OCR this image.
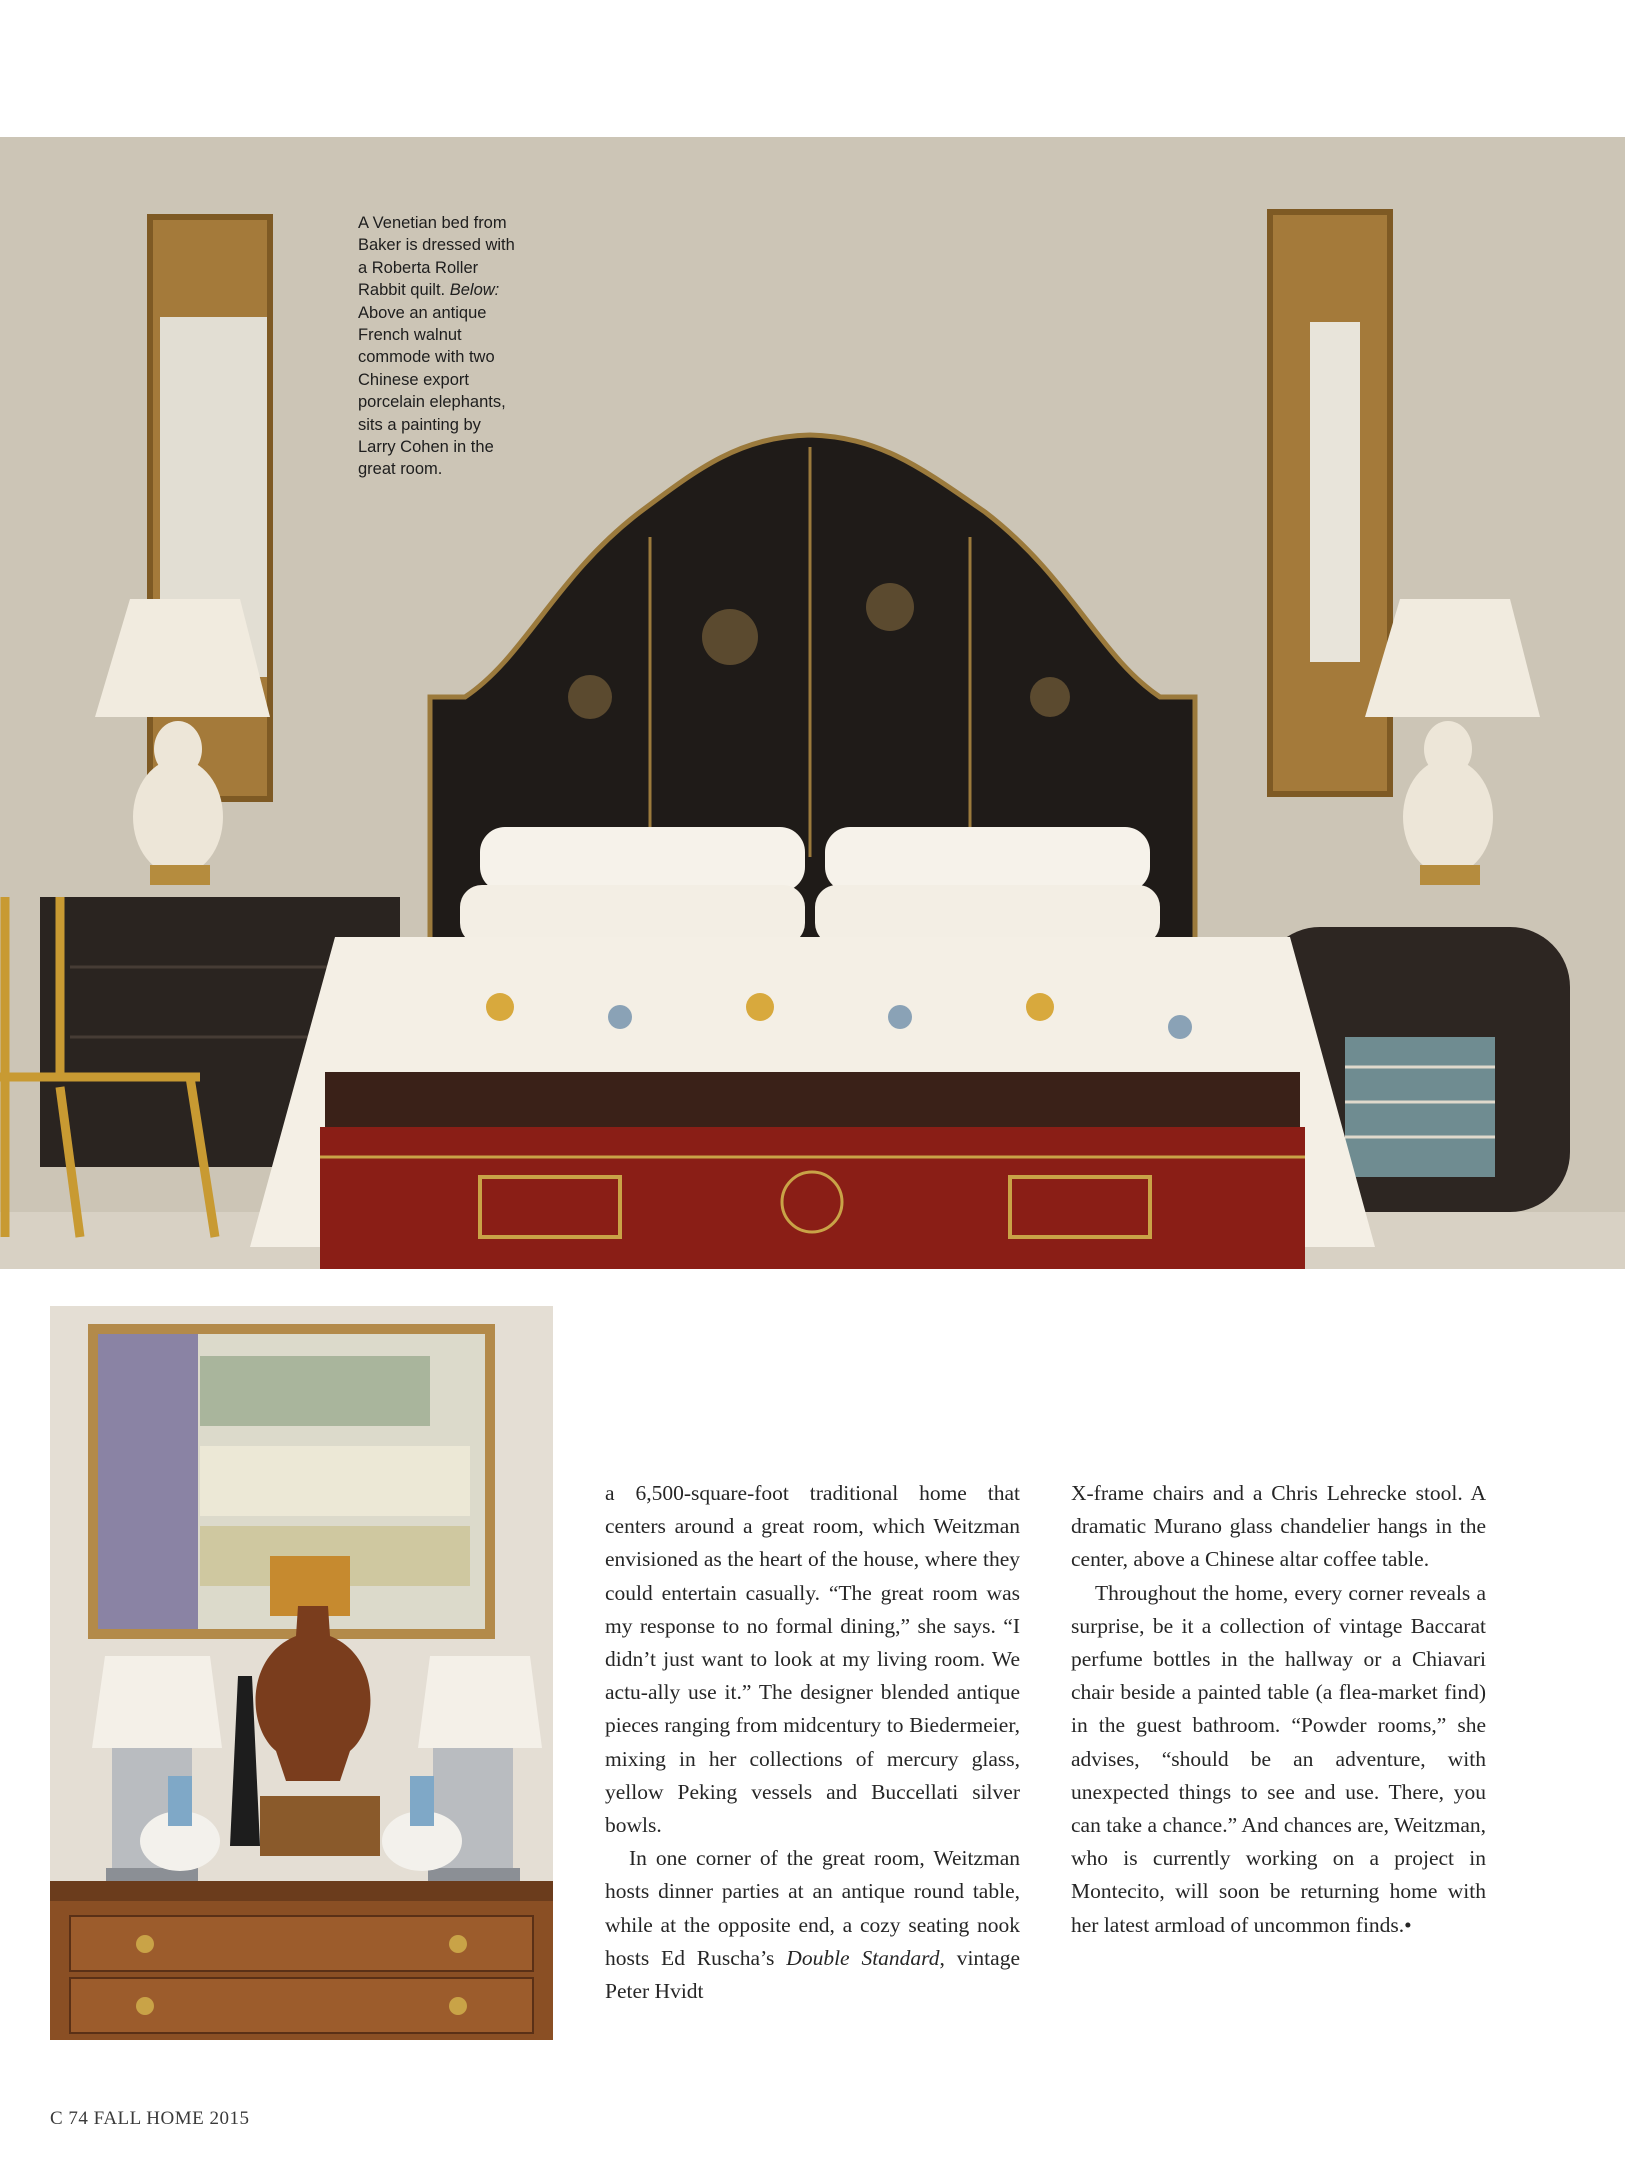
A Venetian bed from Baker is dressed with a Roberta Roller Rabbit quilt. Below: Above an antique French walnut commode with two Chinese export porcelain elephants, sits a painting by Larry Cohen in the great room.

a 6,500-square-foot traditional home that centers around a great room, which Weitzman envisioned as the heart of the house, where they could entertain casually. “The great room was my response to no formal dining,” she says. “I didn’t just want to look at my living room. We actu-ally use it.” The designer blended antique pieces ranging from midcentury to Biedermeier, mixing in her collections of mercury glass, yellow Peking vessels and Buccellati silver bowls.

In one corner of the great room, Weitzman hosts dinner parties at an antique round table, while at the opposite end, a cozy seating nook hosts Ed Ruscha’s Double Standard, vintage Peter Hvidt

X-frame chairs and a Chris Lehrecke stool. A dramatic Murano glass chandelier hangs in the center, above a Chinese altar coffee table.

Throughout the home, every corner reveals a surprise, be it a collection of vintage Baccarat perfume bottles in the hallway or a Chiavari chair beside a painted table (a flea-market find) in the guest bathroom. “Powder rooms,” she advises, “should be an adventure, with unexpected things to see and use. There, you can take a chance.” And chances are, Weitzman, who is currently working on a project in Montecito, will soon be returning home with her latest armload of uncommon finds.•

C 74 FALL HOME 2015
